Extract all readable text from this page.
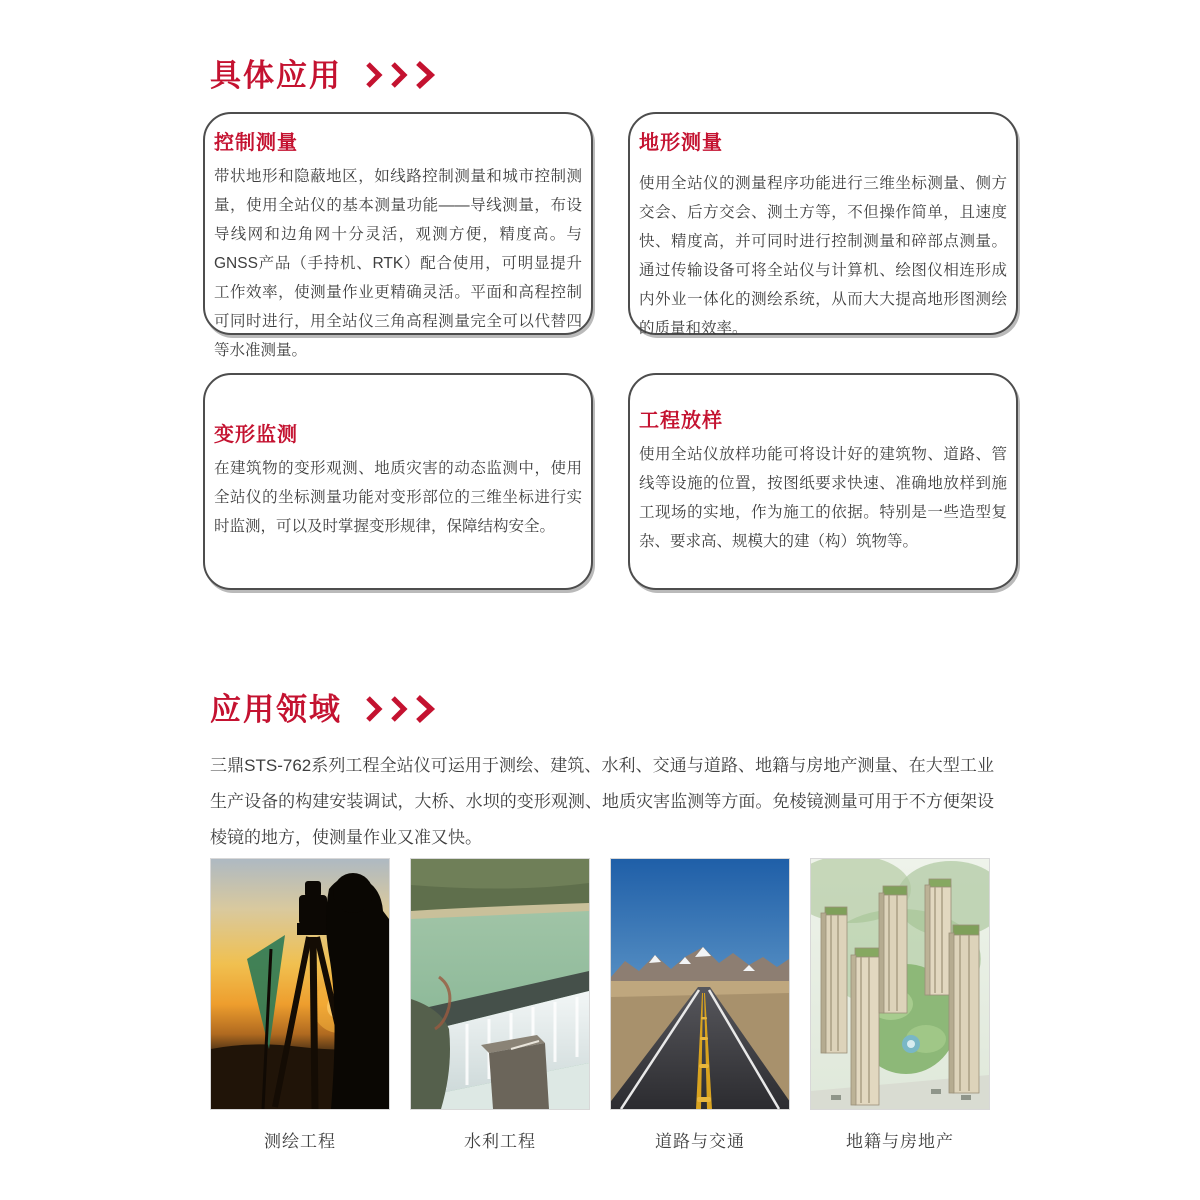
具体应用
控制测量
带状地形和隐蔽地区，如线路控制测量和城市控制测量，使用全站仪的基本测量功能——导线测量，布设导线网和边角网十分灵活，观测方便，精度高。与GNSS产品（手持机、RTK）配合使用，可明显提升工作效率，使测量作业更精确灵活。平面和高程控制可同时进行，用全站仪三角高程测量完全可以代替四等水准测量。
地形测量
使用全站仪的测量程序功能进行三维坐标测量、侧方交会、后方交会、测土方等，不但操作简单，且速度快、精度高，并可同时进行控制测量和碎部点测量。通过传输设备可将全站仪与计算机、绘图仪相连形成内外业一体化的测绘系统，从而大大提高地形图测绘的质量和效率。
变形监测
在建筑物的变形观测、地质灾害的动态监测中，使用全站仪的坐标测量功能对变形部位的三维坐标进行实时监测，可以及时掌握变形规律，保障结构安全。
工程放样
使用全站仪放样功能可将设计好的建筑物、道路、管线等设施的位置，按图纸要求快速、准确地放样到施工现场的实地，作为施工的依据。特别是一些造型复杂、要求高、规模大的建（构）筑物等。
应用领域
三鼎STS-762系列工程全站仪可运用于测绘、建筑、水利、交通与道路、地籍与房地产测量、在大型工业生产设备的构建安装调试，大桥、水坝的变形观测、地质灾害监测等方面。免棱镜测量可用于不方便架设棱镜的地方，使测量作业又准又快。
测绘工程	水利工程	道路与交通	地籍与房地产
